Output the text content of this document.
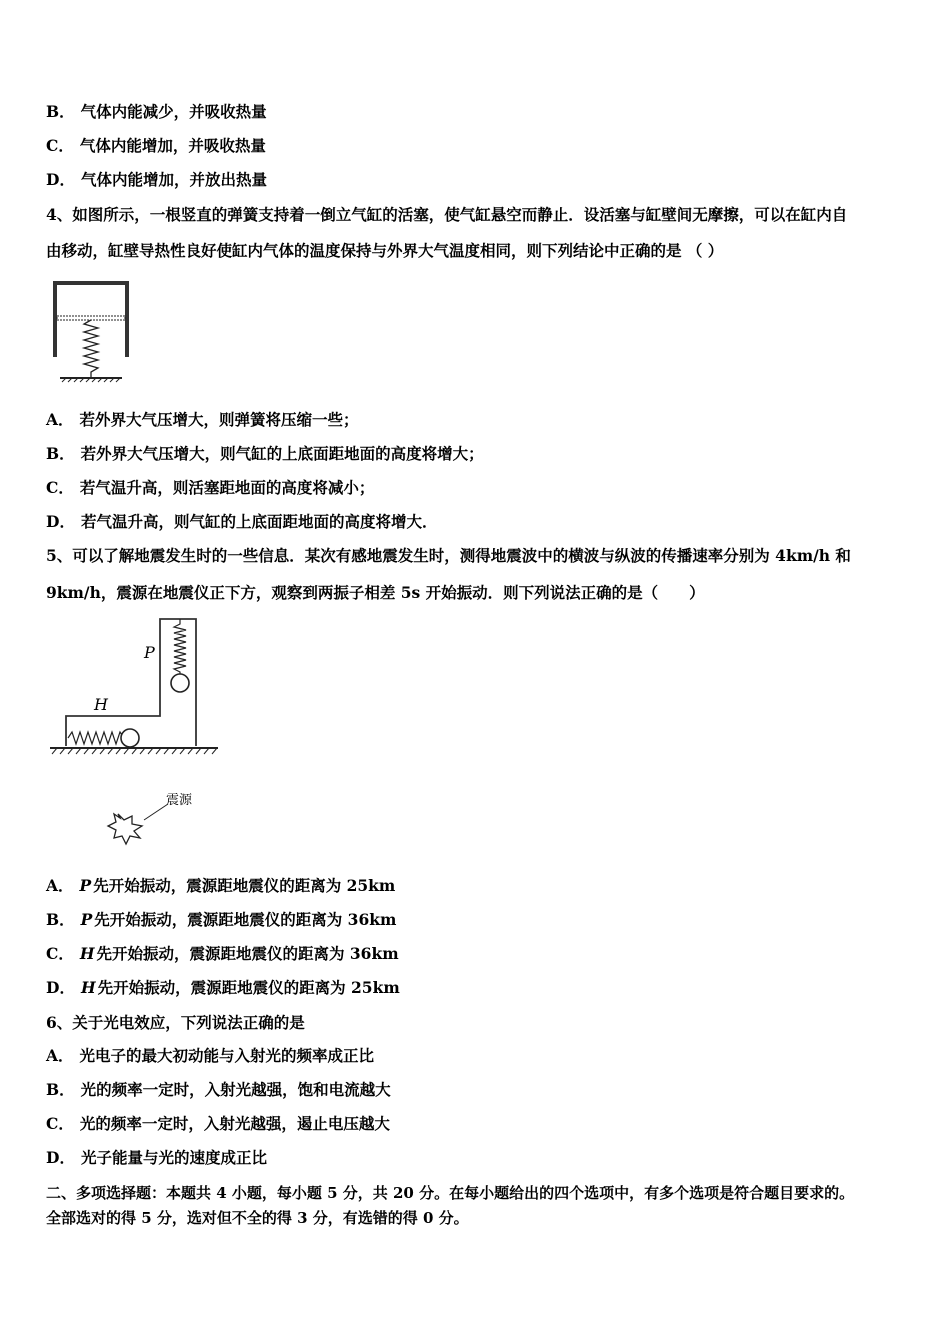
B． 气体内能减少，并吸收热量
C． 气体内能增加，并吸收热量
D． 气体内能增加，并放出热量
4、如图所示，一根竖直的弹簧支持着一倒立气缸的活塞，使气缸悬空而静止．设活塞与缸壁间无摩擦，可以在缸内自
由移动，缸壁导热性良好使缸内气体的温度保持与外界大气温度相同，则下列结论中正确的是 （ ）
A． 若外界大气压增大，则弹簧将压缩一些；
B． 若外界大气压增大，则气缸的上底面距地面的高度将增大；
C． 若气温升高，则活塞距地面的高度将减小；
D． 若气温升高，则气缸的上底面距地面的高度将增大．
5、可以了解地震发生时的一些信息．某次有感地震发生时，测得地震波中的横波与纵波的传播速率分别为 4km/h 和
9km/h，震源在地震仪正下方，观察到两振子相差 5s 开始振动．则下列说法正确的是（　　）
P
H
震源
A． P 先开始振动，震源距地震仪的距离为 25km
B． P 先开始振动，震源距地震仪的距离为 36km
C． H 先开始振动，震源距地震仪的距离为 36km
D． H 先开始振动，震源距地震仪的距离为 25km
6、关于光电效应，下列说法正确的是
A． 光电子的最大初动能与入射光的频率成正比
B． 光的频率一定时，入射光越强，饱和电流越大
C． 光的频率一定时，入射光越强，遏止电压越大
D． 光子能量与光的速度成正比
二、多项选择题：本题共 4 小题，每小题 5 分，共 20 分。在每小题给出的四个选项中，有多个选项是符合题目要求的。
全部选对的得 5 分，选对但不全的得 3 分，有选错的得 0 分。
